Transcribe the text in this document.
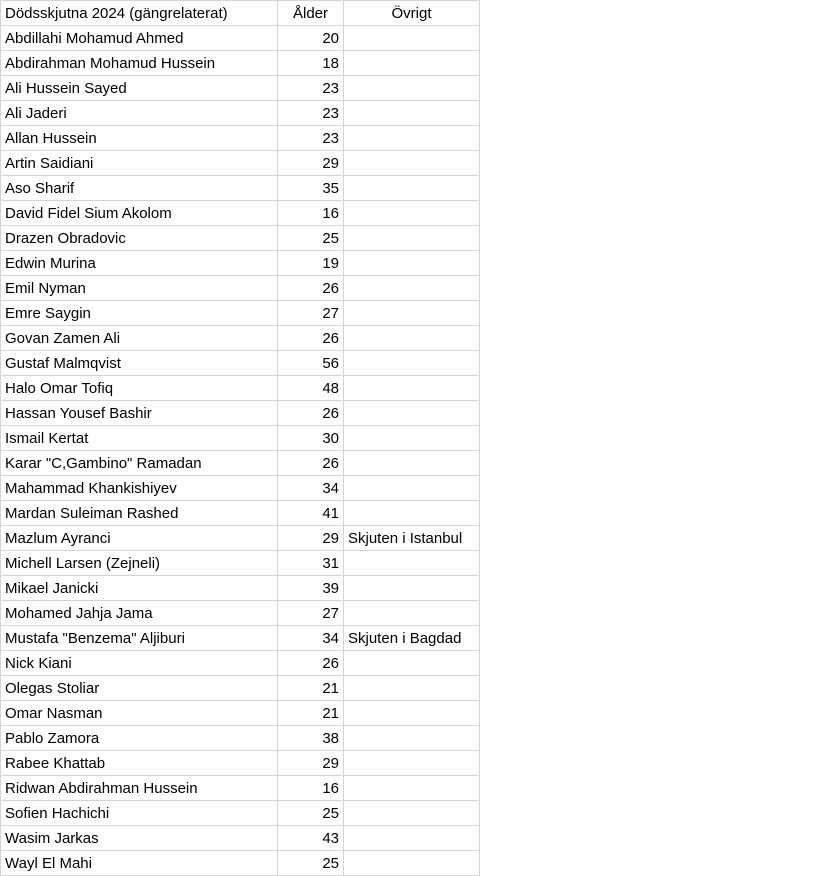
Dödsskjutna 2024 (gängrelaterat)	Ålder	Övrigt
Abdillahi Mohamud Ahmed	20	
Abdirahman Mohamud Hussein	18	
Ali Hussein Sayed	23	
Ali Jaderi	23	
Allan Hussein	23	
Artin Saidiani	29	
Aso Sharif	35	
David Fidel Sium Akolom	16	
Drazen Obradovic	25	
Edwin Murina	19	
Emil Nyman	26	
Emre Saygin	27	
Govan Zamen Ali	26	
Gustaf Malmqvist	56	
Halo Omar Tofiq	48	
Hassan Yousef Bashir	26	
Ismail Kertat	30	
Karar "C,Gambino" Ramadan	26	
Mahammad Khankishiyev	34	
Mardan Suleiman Rashed	41	
Mazlum Ayranci	29	Skjuten i Istanbul
Michell Larsen (Zejneli)	31	
Mikael Janicki	39	
Mohamed Jahja Jama	27	
Mustafa "Benzema" Aljiburi	34	Skjuten i Bagdad
Nick Kiani	26	
Olegas Stoliar	21	
Omar Nasman	21	
Pablo Zamora	38	
Rabee Khattab	29	
Ridwan Abdirahman Hussein	16	
Sofien Hachichi	25	
Wasim Jarkas	43	
Wayl El Mahi	25	
